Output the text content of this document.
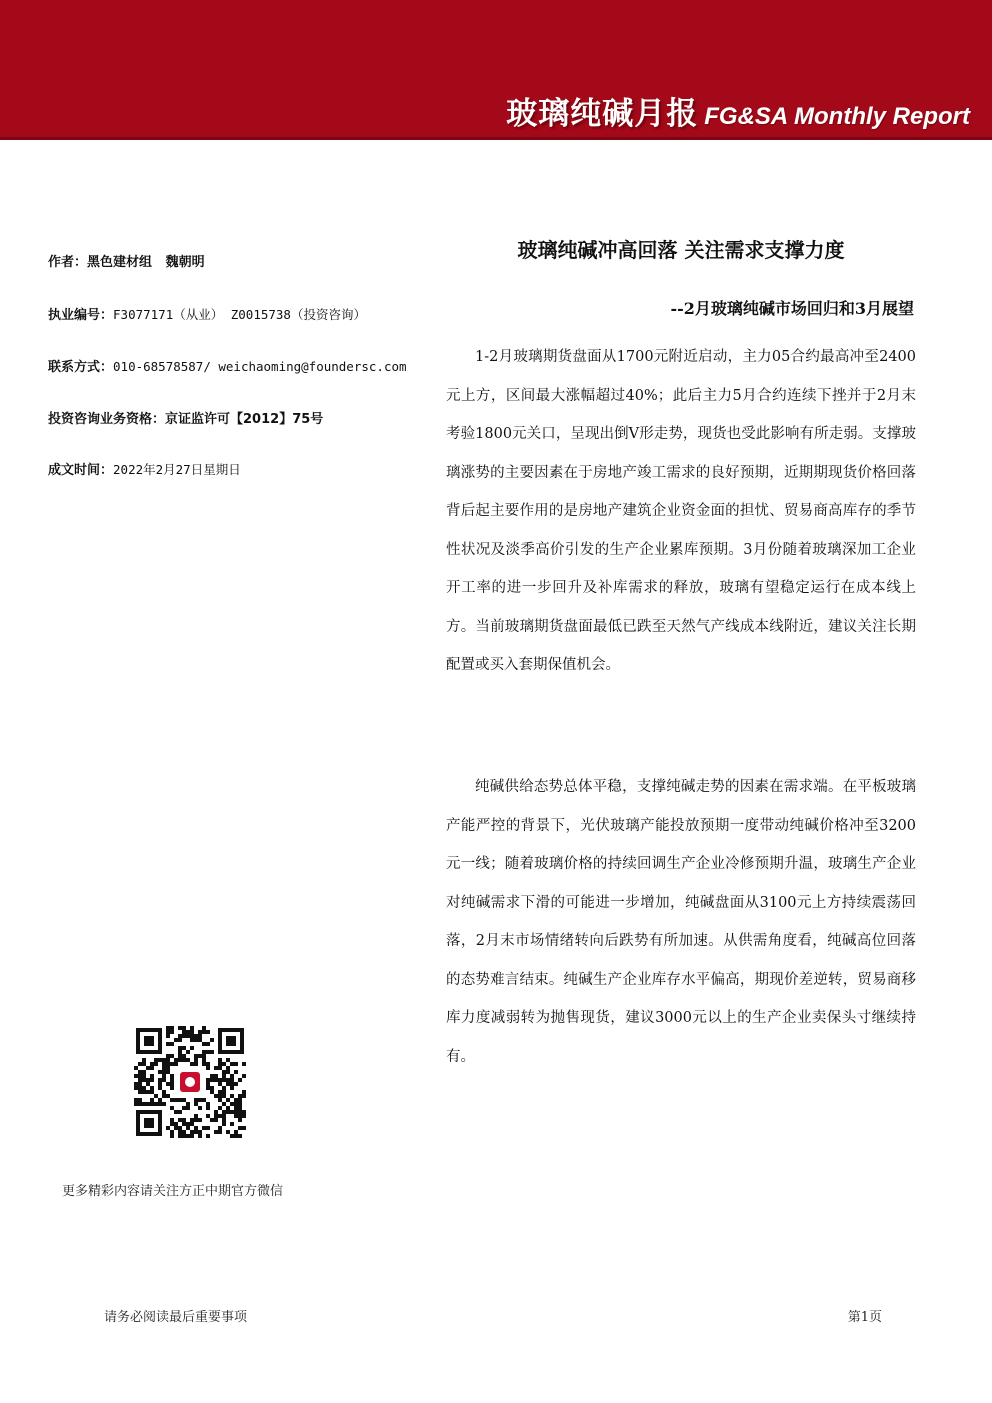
玻璃纯碱月报 FG&SA Monthly Report
作者：黑色建材组 魏朝明
执业编号：F3077171（从业） Z0015738（投资咨询）
联系方式：010-68578587/ weichaoming@foundersc.com
投资咨询业务资格：京证监许可【2012】75号
成文时间：2022年2月27日星期日
玻璃纯碱冲高回落 关注需求支撑力度
--2月玻璃纯碱市场回归和3月展望

1-2月玻璃期货盘面从1700元附近启动，主力05合约最高冲至2400元上方，区间最大涨幅超过40%；此后主力5月合约连续下挫并于2月末考验1800元关口，呈现出倒V形走势，现货也受此影响有所走弱。支撑玻璃涨势的主要因素在于房地产竣工需求的良好预期，近期期现货价格回落背后起主要作用的是房地产建筑企业资金面的担忧、贸易商高库存的季节性状况及淡季高价引发的生产企业累库预期。3月份随着玻璃深加工企业开工率的进一步回升及补库需求的释放，玻璃有望稳定运行在成本线上方。当前玻璃期货盘面最低已跌至天然气产线成本线附近，建议关注长期配置或买入套期保值机会。

纯碱供给态势总体平稳，支撑纯碱走势的因素在需求端。在平板玻璃产能严控的背景下，光伏玻璃产能投放预期一度带动纯碱价格冲至3200元一线；随着玻璃价格的持续回调生产企业冷修预期升温，玻璃生产企业对纯碱需求下滑的可能进一步增加，纯碱盘面从3100元上方持续震荡回落，2月末市场情绪转向后跌势有所加速。从供需角度看，纯碱高位回落的态势难言结束。纯碱生产企业库存水平偏高，期现价差逆转，贸易商移库力度减弱转为抛售现货，建议3000元以上的生产企业卖保头寸继续持有。

更多精彩内容请关注方正中期官方微信
请务必阅读最后重要事项	第1页
